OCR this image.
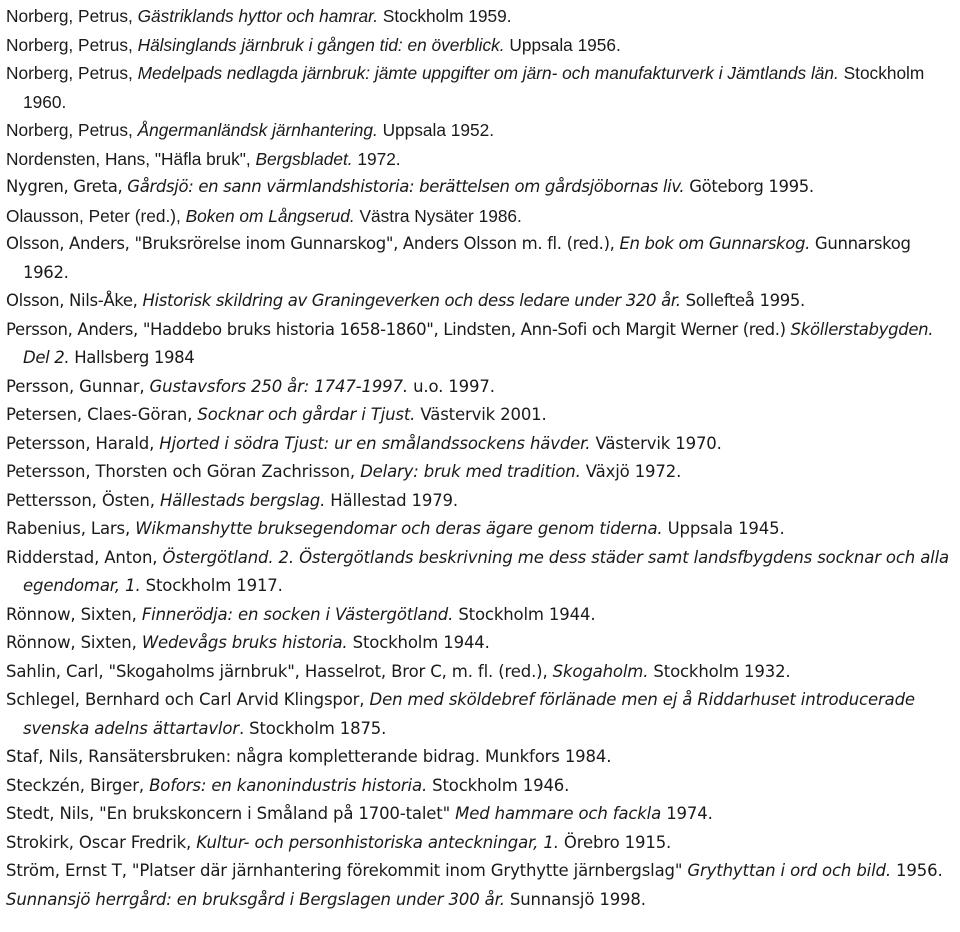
Norberg, Petrus, Gästriklands hyttor och hamrar. Stockholm 1959.

Norberg, Petrus, Hälsinglands järnbruk i gången tid: en överblick. Uppsala 1956.

Norberg, Petrus, Medelpads nedlagda järnbruk: jämte uppgifter om järn- och manufakturverk i Jämtlands län. Stockholm 1960.

Norberg, Petrus, Ångermanländsk järnhantering. Uppsala 1952.

Nordensten, Hans, "Häfla bruk", Bergsbladet. 1972.

Nygren, Greta, Gårdsjö: en sann värmlandshistoria: berättelsen om gårdsjöbornas liv. Göteborg 1995.

Olausson, Peter (red.), Boken om Långserud. Västra Nysäter 1986.

Olsson, Anders, "Bruksrörelse inom Gunnarskog", Anders Olsson m. fl. (red.), En bok om Gunnarskog. Gunnarskog 1962.

Olsson, Nils-Åke, Historisk skildring av Graningeverken och dess ledare under 320 år. Sollefteå 1995.

Persson, Anders, "Haddebo bruks historia 1658-1860", Lindsten, Ann-Sofi och Margit Werner (red.) Sköllerstabygden. Del 2. Hallsberg 1984

Persson, Gunnar, Gustavsfors 250 år: 1747-1997. u.o. 1997.

Petersen, Claes-Göran, Socknar och gårdar i Tjust. Västervik 2001.

Petersson, Harald, Hjorted i södra Tjust: ur en smålandssockens hävder. Västervik 1970.

Petersson, Thorsten och Göran Zachrisson, Delary: bruk med tradition. Växjö 1972.

Pettersson, Östen, Hällestads bergslag. Hällestad 1979.

Rabenius, Lars, Wikmanshytte bruksegendomar och deras ägare genom tiderna. Uppsala 1945.

Ridderstad, Anton, Östergötland. 2. Östergötlands beskrivning me dess städer samt landsfbygdens socknar och alla egendomar, 1. Stockholm 1917.

Rönnow, Sixten, Finnerödja: en socken i Västergötland. Stockholm 1944.

Rönnow, Sixten, Wedevågs bruks historia. Stockholm 1944.

Sahlin, Carl, "Skogaholms järnbruk", Hasselrot, Bror C, m. fl. (red.), Skogaholm. Stockholm 1932.

Schlegel, Bernhard och Carl Arvid Klingspor, Den med sköldebref förlänade men ej å Riddarhuset introducerade svenska adelns ättartavlor. Stockholm 1875.

Staf, Nils, Ransätersbruken: några kompletterande bidrag. Munkfors 1984.

Steckzén, Birger, Bofors: en kanonindustris historia. Stockholm 1946.

Stedt, Nils, "En brukskoncern i Småland på 1700-talet" Med hammare och fackla 1974.

Strokirk, Oscar Fredrik, Kultur- och personhistoriska anteckningar, 1. Örebro 1915.

Ström, Ernst T, "Platser där järnhantering förekommit inom Grythytte järnbergslag" Grythyttan i ord och bild. 1956.

Sunnansjö herrgård: en bruksgård i Bergslagen under 300 år. Sunnansjö 1998.
